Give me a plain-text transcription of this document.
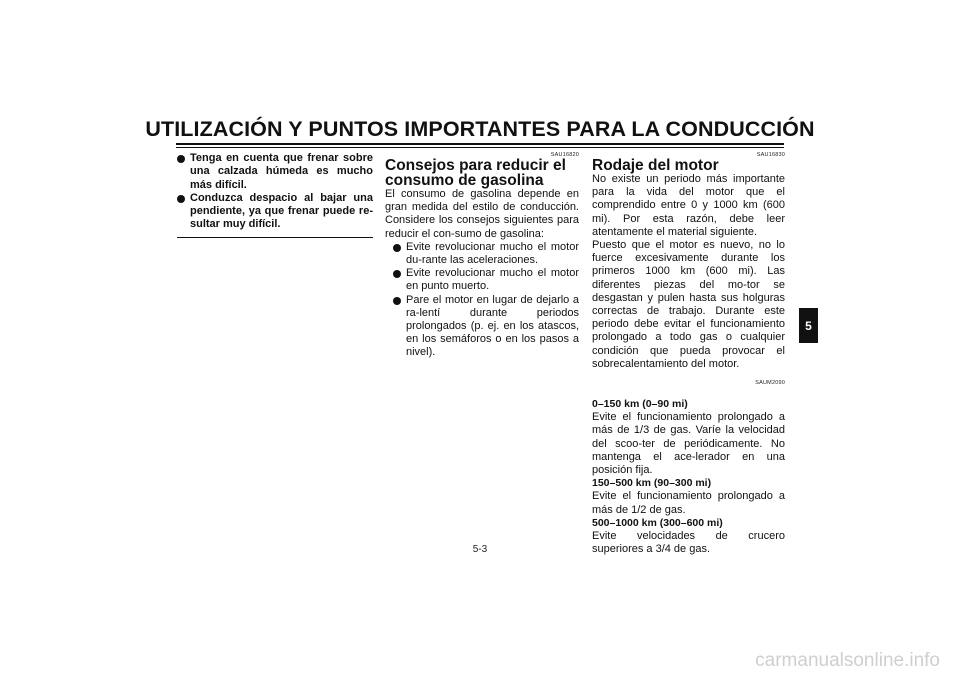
UTILIZACIÓN Y PUNTOS IMPORTANTES PARA LA CONDUCCIÓN
Tenga en cuenta que frenar sobre una calzada húmeda es mucho más difícil.
Conduzca despacio al bajar una pendiente, ya que frenar puede re-sultar muy difícil.
SAU16820
Consejos para reducir el consumo de gasolina

El consumo de gasolina depende en gran medida del estilo de conducción. Considere los consejos siguientes para reducir el con-sumo de gasolina:

Evite revolucionar mucho el motor du-rante las aceleraciones.
Evite revolucionar mucho el motor en punto muerto.
Pare el motor en lugar de dejarlo a ra-lentí durante periodos prolongados (p. ej. en los atascos, en los semáforos o en los pasos a nivel).
SAU16830
Rodaje del motor

No existe un periodo más importante para la vida del motor que el comprendido entre 0 y 1000 km (600 mi). Por esta razón, debe leer atentamente el material siguiente.

Puesto que el motor es nuevo, no lo fuerce excesivamente durante los primeros 1000 km (600 mi). Las diferentes piezas del mo-tor se desgastan y pulen hasta sus holguras correctas de trabajo. Durante este periodo debe evitar el funcionamiento prolongado a todo gas o cualquier condición que pueda provocar el sobrecalentamiento del motor.

SAUM2090
0–150 km (0–90 mi)

Evite el funcionamiento prolongado a más de 1/3 de gas. Varíe la velocidad del scoo-ter de periódicamente. No mantenga el ace-lerador en una posición fija.

150–500 km (90–300 mi)

Evite el funcionamiento prolongado a más de 1/2 de gas.

500–1000 km (300–600 mi)

Evite velocidades de crucero superiores a 3/4 de gas.

5
5-3
carmanualsonline.info
